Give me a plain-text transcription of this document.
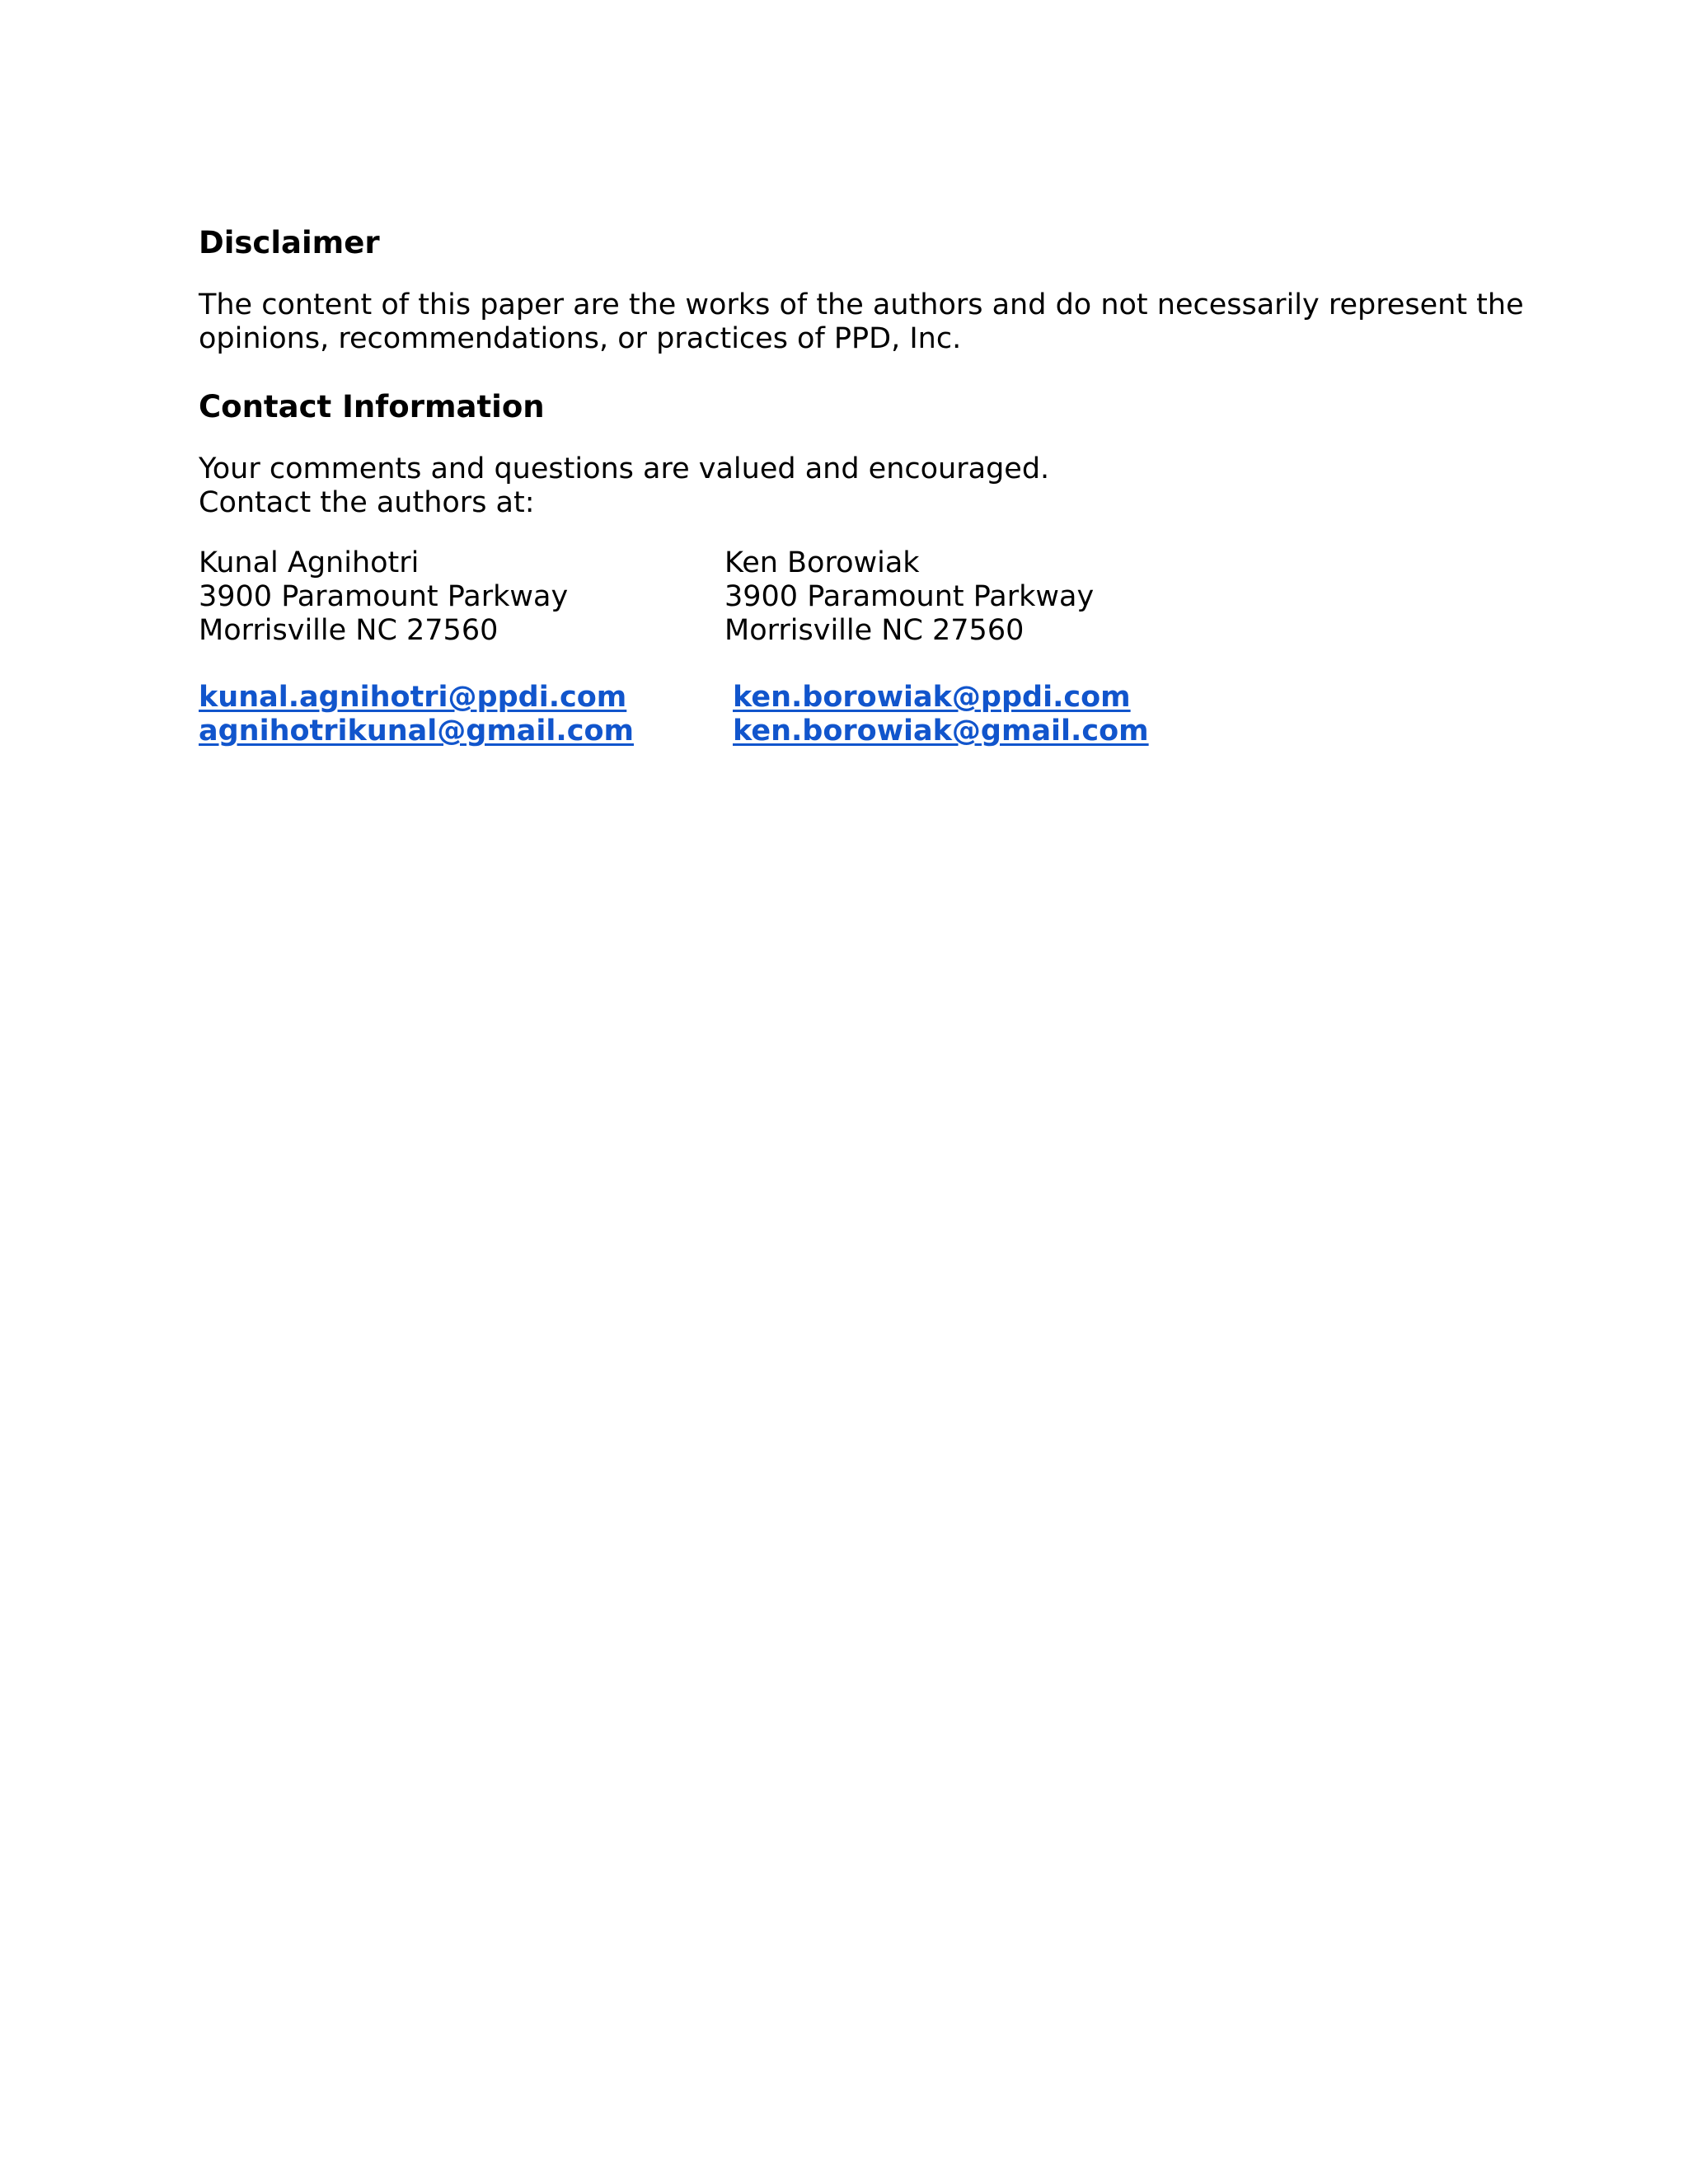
Disclaimer

The content of this paper are the works of the authors and do not necessarily represent the

opinions, recommendations, or practices of PPD, Inc.

Contact Information

Your comments and questions are valued and encouraged.

Contact the authors at:

Kunal Agnihotri
3900 Paramount Parkway
Morrisville NC 27560
Ken Borowiak
3900 Paramount Parkway
Morrisville NC 27560
kunal.agnihotri@ppdi.com
agnihotrikunal@gmail.com
ken.borowiak@ppdi.com
ken.borowiak@gmail.com
